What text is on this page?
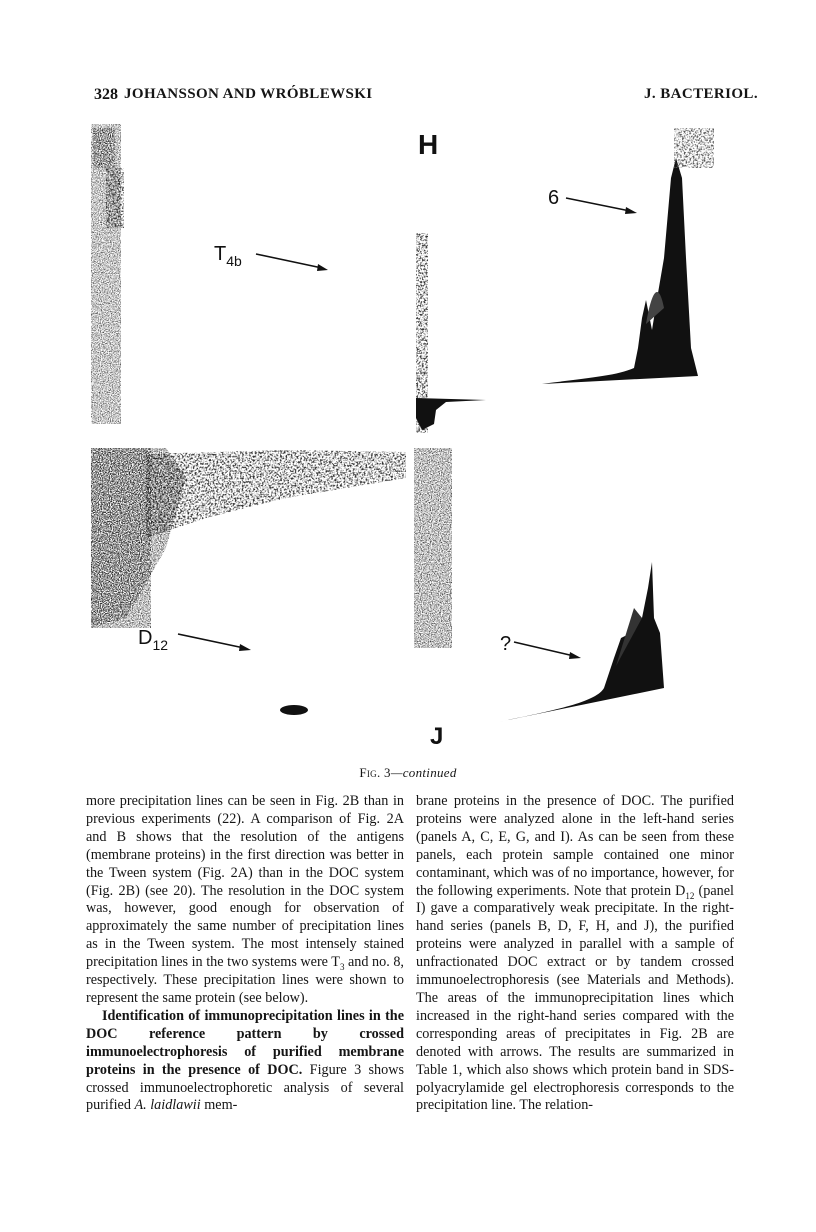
328 JOHANSSON AND WRÓBLEWSKI	J. BACTERIOL.
$T_{4b}$
H
6
$D_{12}$	?
J
Fig. 3—continued

more precipitation lines can be seen in Fig. 2B than in previous experiments (22). A comparison of Fig. 2A and B shows that the resolution of the antigens (membrane proteins) in the first direction was better in the Tween system (Fig. 2A) than in the DOC system (Fig. 2B) (see 20). The resolution in the DOC system was, however, good enough for observation of approximately the same number of precipitation lines as in the Tween system. The most intensely stained precipitation lines in the two systems were $T_3$ and no. 8, respectively. These precipitation lines were shown to represent the same protein (see below).

Identification of immunoprecipitation lines in the DOC reference pattern by crossed immunoelectrophoresis of purified membrane proteins in the presence of DOC. Figure 3 shows crossed immunoelectrophoretic analysis of several purified A. laidlawii mem-

brane proteins in the presence of DOC. The purified proteins were analyzed alone in the left-hand series (panels A, C, E, G, and I). As can be seen from these panels, each protein sample contained one minor contaminant, which was of no importance, however, for the following experiments. Note that protein $D_{12}$ (panel I) gave a comparatively weak precipitate. In the right-hand series (panels B, D, F, H, and J), the purified proteins were analyzed in parallel with a sample of unfractionated DOC extract or by tandem crossed immunoelectrophoresis (see Materials and Methods). The areas of the immunoprecipitation lines which increased in the right-hand series compared with the corresponding areas of precipitates in Fig. 2B are denoted with arrows. The results are summarized in Table 1, which also shows which protein band in SDS-polyacrylamide gel electrophoresis corresponds to the precipitation line. The relation-
